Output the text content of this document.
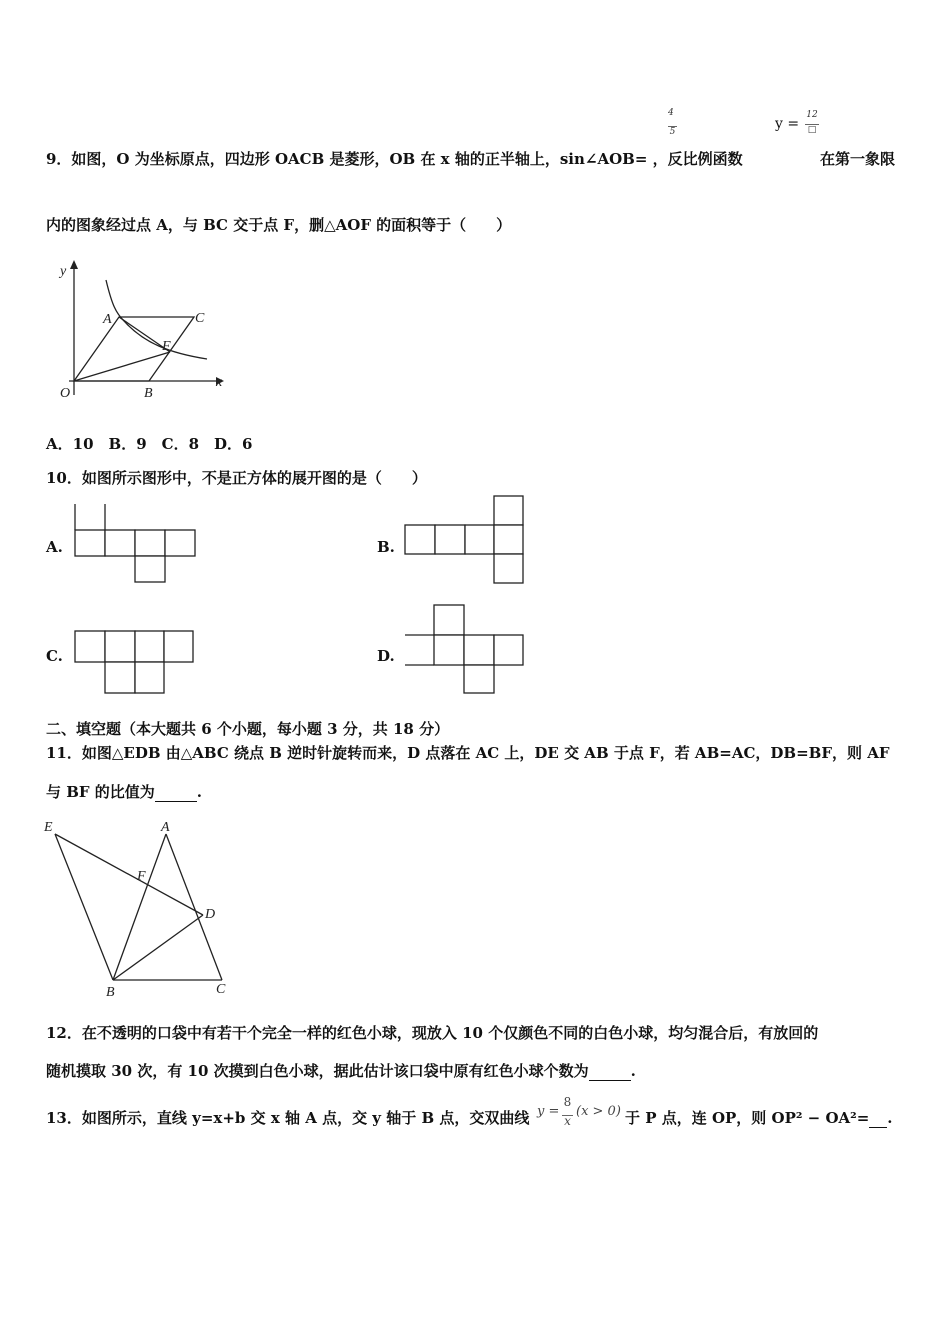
4
5	y =
12
□
9．如图，O 为坐标原点，四边形 OACB 是菱形，OB 在 x 轴的正半轴上，sin∠AOB= ，反比例函数	在第一象限
内的图象经过点 A，与 BC 交于点 F，删△AOF 的面积等于（　　）
y
x
O
A	C
F
B
A．10　B．9　C．8　D．6
10．如图所示图形中，不是正方体的展开图的是（　　）
A.	B.
C.	D.
二、填空题（本大题共 6 个小题，每小题 3 分，共 18 分）
11．如图△EDB 由△ABC 绕点 B 逆时针旋转而来，D 点落在 AC 上，DE 交 AB 于点 F，若 AB=AC，DB=BF，则 AF
与 BF 的比值为	.
E	A
F
D
B	C
12．在不透明的口袋中有若干个完全一样的红色小球，现放入 10 个仅颜色不同的白色小球，均匀混合后，有放回的
随机摸取 30 次，有 10 次摸到白色小球，据此估计该口袋中原有红色小球个数为	.
13．如图所示，直线 y=x+b 交 x 轴 A 点，交 y 轴于 B 点，交双曲线 y =
8
x
(x > 0) 于 P 点，连 OP，则 OP² − OA²= .
